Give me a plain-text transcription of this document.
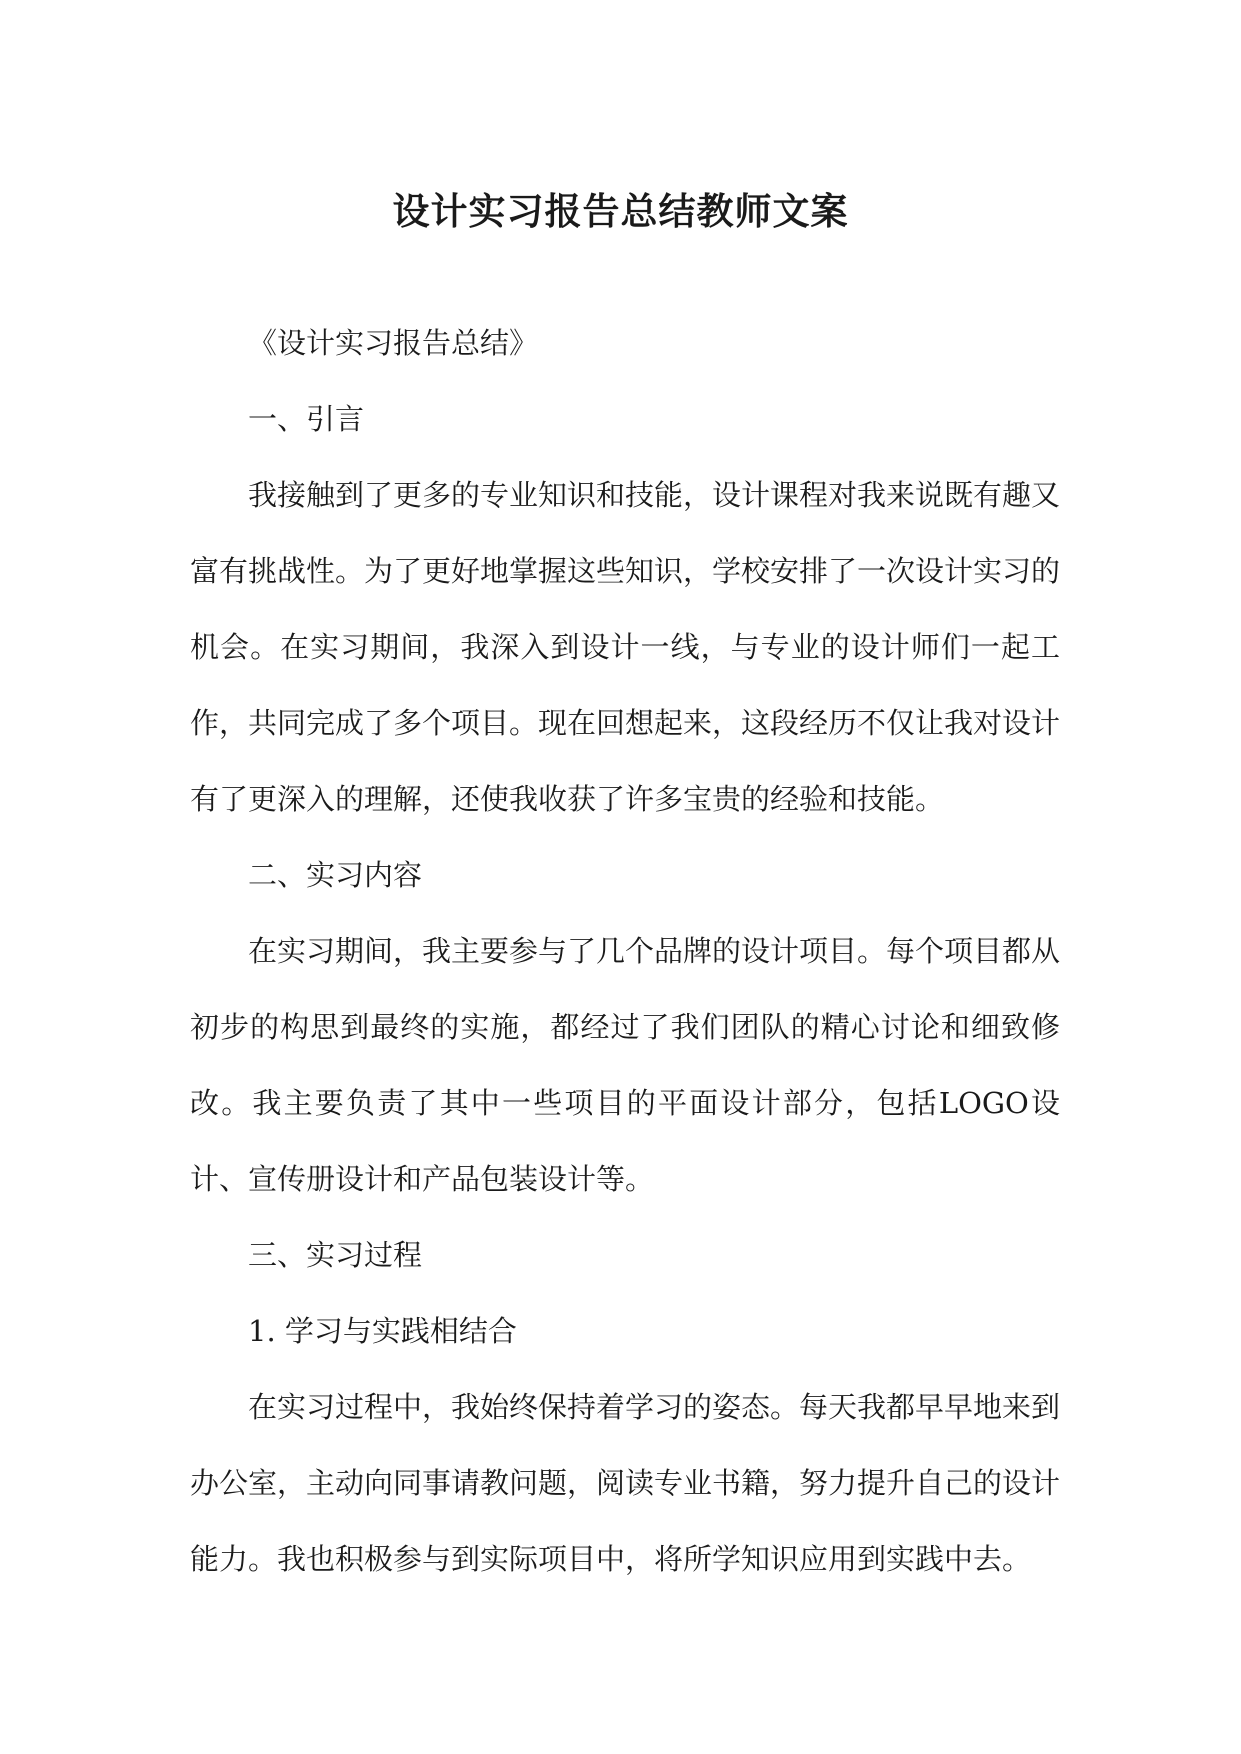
设计实习报告总结教师文案

《设计实习报告总结》

一、引言

我接触到了更多的专业知识和技能，设计课程对我来说既有趣又富有挑战性。为了更好地掌握这些知识，学校安排了一次设计实习的机会。在实习期间，我深入到设计一线，与专业的设计师们一起工作，共同完成了多个项目。现在回想起来，这段经历不仅让我对设计有了更深入的理解，还使我收获了许多宝贵的经验和技能。

二、实习内容

在实习期间，我主要参与了几个品牌的设计项目。每个项目都从初步的构思到最终的实施，都经过了我们团队的精心讨论和细致修改。我主要负责了其中一些项目的平面设计部分，包括LOGO设计、宣传册设计和产品包装设计等。

三、实习过程

1. 学习与实践相结合

在实习过程中，我始终保持着学习的姿态。每天我都早早地来到办公室，主动向同事请教问题，阅读专业书籍，努力提升自己的设计能力。我也积极参与到实际项目中，将所学知识应用到实践中去。
